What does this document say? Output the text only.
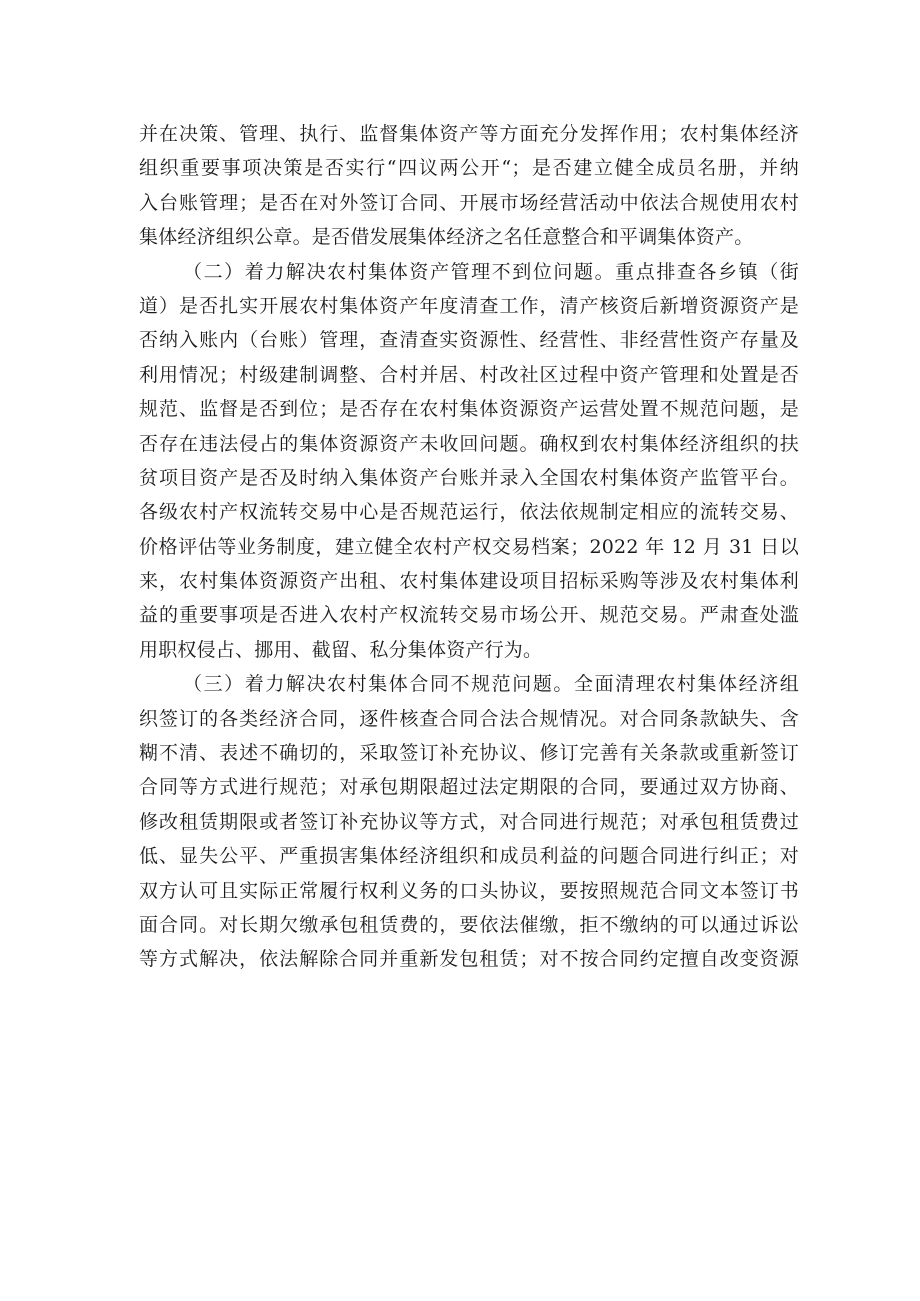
并在决策、管理、执行、监督集体资产等方面充分发挥作用；农村集体经济
组织重要事项决策是否实行“四议两公开“；是否建立健全成员名册，并纳
入台账管理；是否在对外签订合同、开展市场经营活动中依法合规使用农村
集体经济组织公章。是否借发展集体经济之名任意整合和平调集体资产。
（二）着力解决农村集体资产管理不到位问题。重点排查各乡镇（街
道）是否扎实开展农村集体资产年度清查工作，清产核资后新增资源资产是
否纳入账内（台账）管理，查清查实资源性、经营性、非经营性资产存量及
利用情况；村级建制调整、合村并居、村改社区过程中资产管理和处置是否
规范、监督是否到位；是否存在农村集体资源资产运营处置不规范问题，是
否存在违法侵占的集体资源资产未收回问题。确权到农村集体经济组织的扶
贫项目资产是否及时纳入集体资产台账并录入全国农村集体资产监管平台。
各级农村产权流转交易中心是否规范运行，依法依规制定相应的流转交易、
价格评估等业务制度，建立健全农村产权交易档案；2022 年 12 月 31 日以
来，农村集体资源资产出租、农村集体建设项目招标采购等涉及农村集体利
益的重要事项是否进入农村产权流转交易市场公开、规范交易。严肃查处滥
用职权侵占、挪用、截留、私分集体资产行为。
（三）着力解决农村集体合同不规范问题。全面清理农村集体经济组
织签订的各类经济合同，逐件核查合同合法合规情况。对合同条款缺失、含
糊不清、表述不确切的，采取签订补充协议、修订完善有关条款或重新签订
合同等方式进行规范；对承包期限超过法定期限的合同，要通过双方协商、
修改租赁期限或者签订补充协议等方式，对合同进行规范；对承包租赁费过
低、显失公平、严重损害集体经济组织和成员利益的问题合同进行纠正；对
双方认可且实际正常履行权利义务的口头协议，要按照规范合同文本签订书
面合同。对长期欠缴承包租赁费的，要依法催缴，拒不缴纳的可以通过诉讼
等方式解决，依法解除合同并重新发包租赁；对不按合同约定擅自改变资源
